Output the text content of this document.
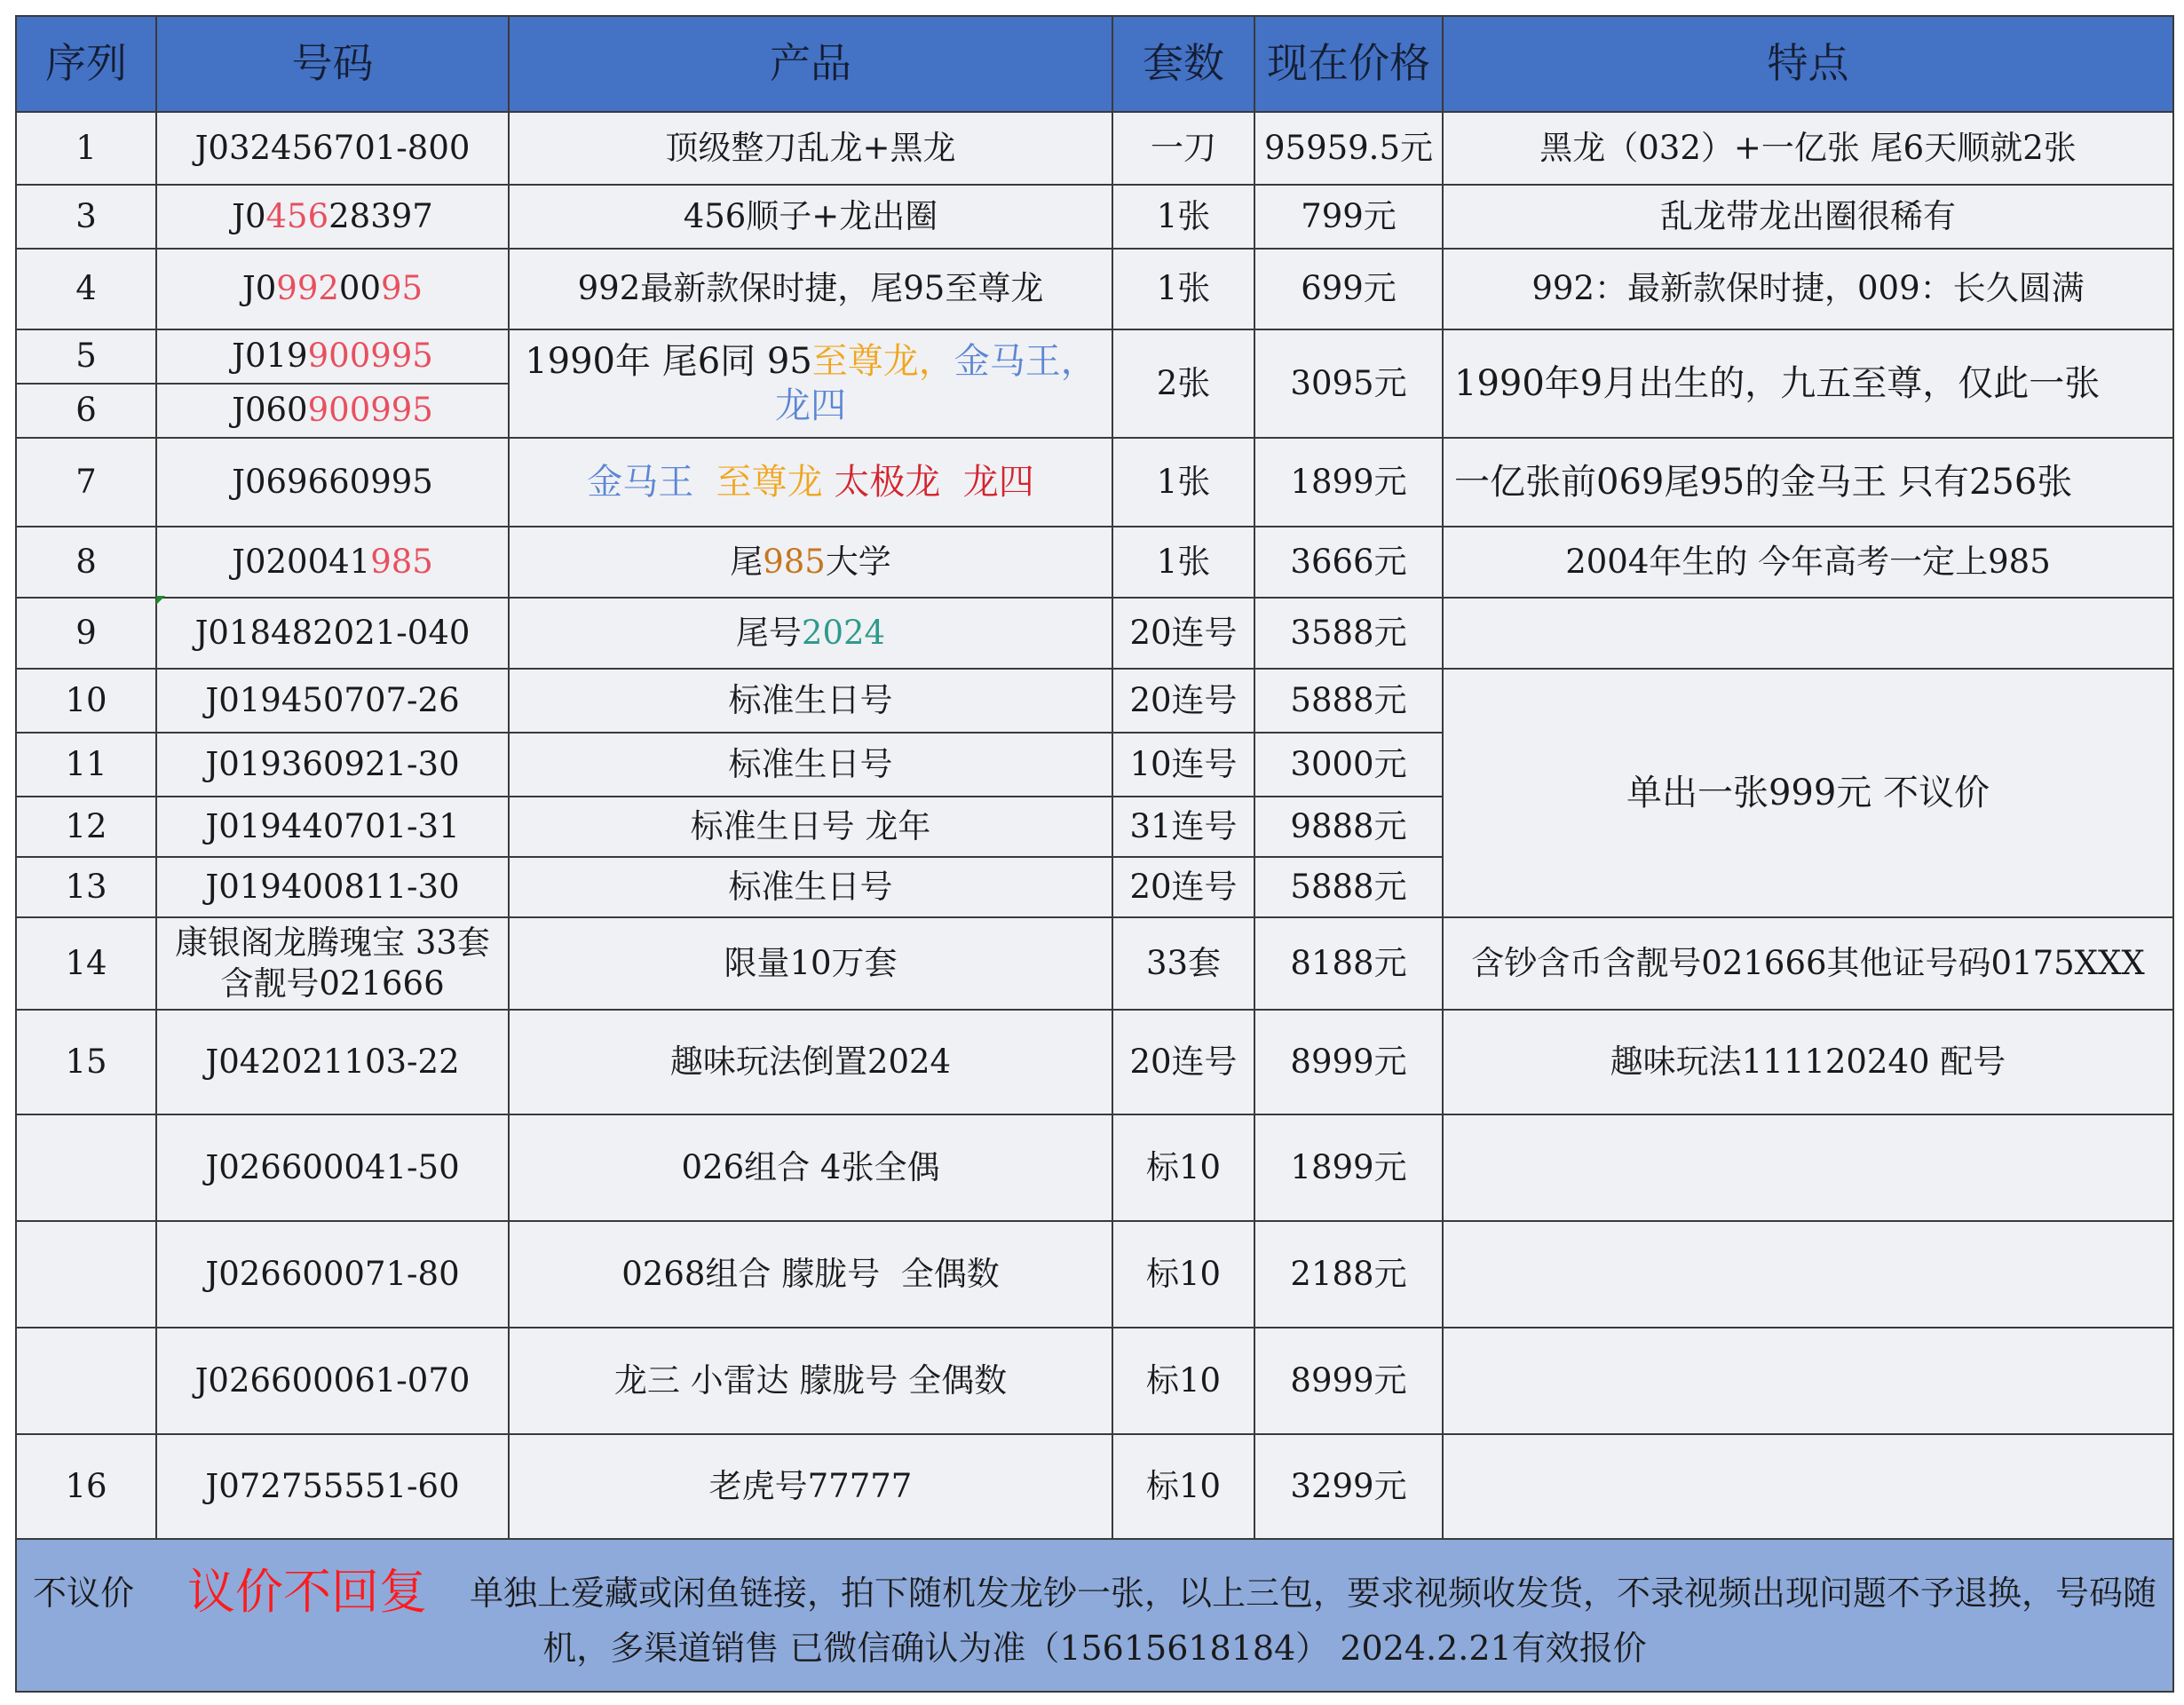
序列	号码	产品	套数	现在价格	特点
1	J032456701-800	顶级整刀乱龙+黑龙	一刀	95959.5元	黑龙（032）+一亿张 尾6天顺就2张
3	J045628397	456顺子+龙出圈	1张	799元	乱龙带龙出圈很稀有
4	J09920095	992最新款保时捷，尾95至尊龙	1张	699元	992：最新款保时捷，009：长久圆满
5	J019900995	1990年 尾6同 95至尊龙，金马王，龙四	2张	3095元	1990年9月出生的，九五至尊，仅此一张
6	J060900995				
7	J069660995	金马王 至尊龙 太极龙 龙四	1张	1899元	一亿张前069尾95的金马王 只有256张
8	J020041985	尾985大学	1张	3666元	2004年生的 今年高考一定上985
9	J018482021-040	尾号2024	20连号	3588元	
10	J019450707-26	标准生日号	20连号	5888元	单出一张999元 不议价
11	J019360921-30	标准生日号	10连号	3000元	
12	J019440701-31	标准生日号 龙年	31连号	9888元	
13	J019400811-30	标准生日号	20连号	5888元	
14	康银阁龙腾瑰宝 33套含靓号021666	限量10万套	33套	8188元	含钞含币含靓号021666其他证号码0175XXX
15	J042021103-22	趣味玩法倒置2024	20连号	8999元	趣味玩法111120240 配号
	J026600041-50	026组合 4张全偶	标10	1899元	
	J026600071-80	0268组合 朦胧号  全偶数	标10	2188元	
	J026600061-070	龙三 小雷达 朦胧号 全偶数	标10	8999元	
16	J072755551-60	老虎号77777	标10	3299元	
不议价 议价不回复 单独上爱藏或闲鱼链接，拍下随机发龙钞一张，以上三包，要求视频收发货，不录视频出现问题不予退换，号码随机，多渠道销售 已微信确认为准（15615618184） 2024.2.21有效报价					
